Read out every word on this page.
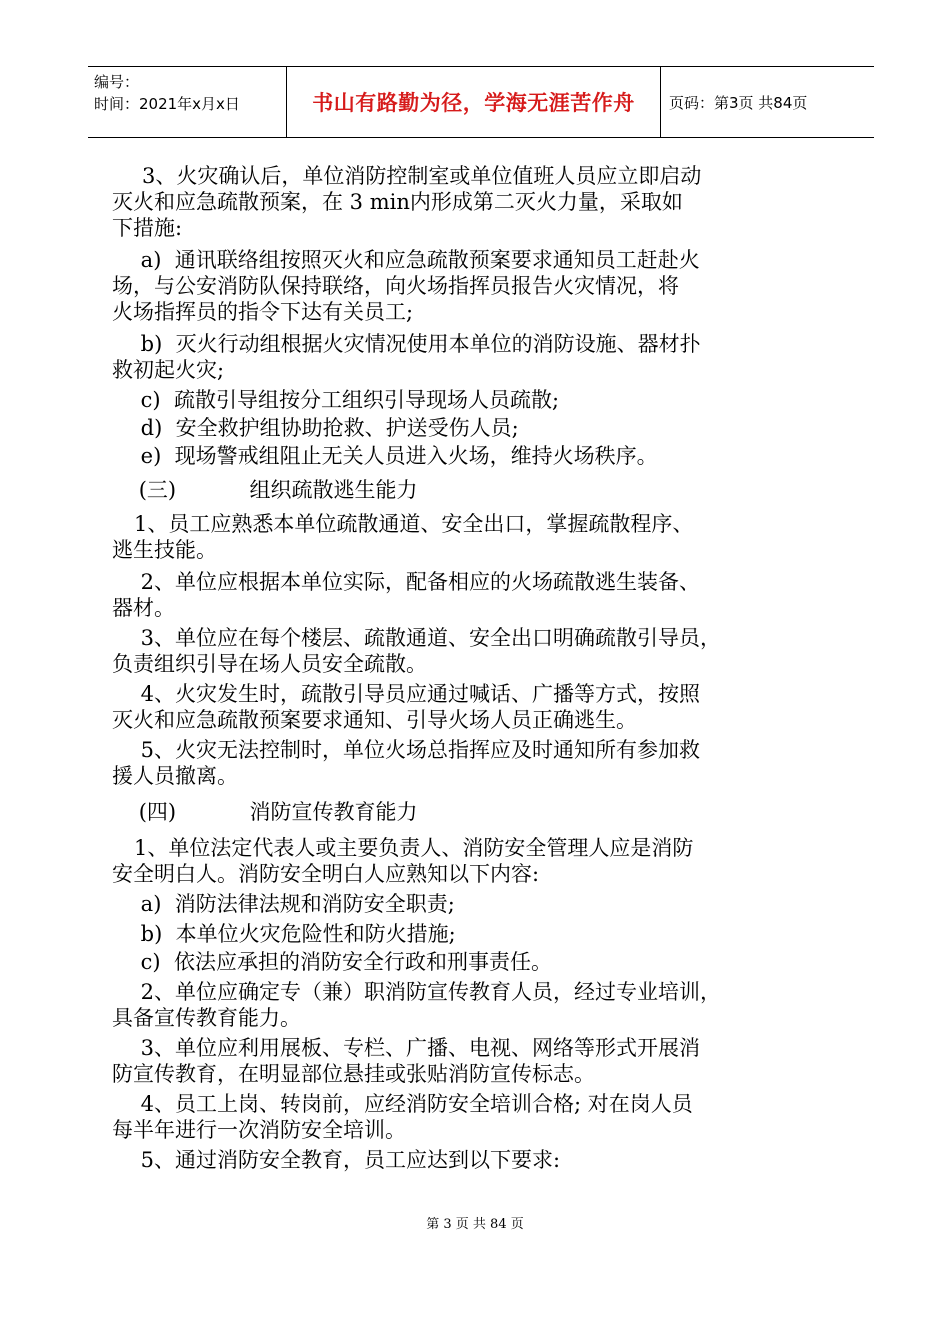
编号：
时间：2021年x月x日	书山有路勤为径，学海无涯苦作舟 页码：第3页 共84页
3、火灾确认后，单位消防控制室或单位值班人员应立即启动
灭火和应急疏散预案，在 3 min内形成第二灭火力量，采取如
下措施:
a)  通讯联络组按照灭火和应急疏散预案要求通知员工赶赴火
场，与公安消防队保持联络，向火场指挥员报告火灾情况，将
火场指挥员的指令下达有关员工;
b)  灭火行动组根据火灾情况使用本单位的消防设施、器材扑
救初起火灾;
c)  疏散引导组按分工组织引导现场人员疏散;
d)  安全救护组协助抢救、护送受伤人员;
e)  现场警戒组阻止无关人员进入火场，维持火场秩序。
(三)           组织疏散逃生能力
1、员工应熟悉本单位疏散通道、安全出口，掌握疏散程序、
逃生技能。
2、单位应根据本单位实际，配备相应的火场疏散逃生装备、
器材。
3、单位应在每个楼层、疏散通道、安全出口明确疏散引导员，
负责组织引导在场人员安全疏散。
4、火灾发生时，疏散引导员应通过喊话、广播等方式，按照
灭火和应急疏散预案要求通知、引导火场人员正确逃生。
5、火灾无法控制时，单位火场总指挥应及时通知所有参加救
援人员撤离。
(四)           消防宣传教育能力
1、单位法定代表人或主要负责人、消防安全管理人应是消防
安全明白人。消防安全明白人应熟知以下内容:
a)  消防法律法规和消防安全职责;
b)  本单位火灾危险性和防火措施;
c)  依法应承担的消防安全行政和刑事责任。
2、单位应确定专（兼）职消防宣传教育人员，经过专业培训，
具备宣传教育能力。
3、单位应利用展板、专栏、广播、电视、网络等形式开展消
防宣传教育，在明显部位悬挂或张贴消防宣传标志。
4、员工上岗、转岗前，应经消防安全培训合格; 对在岗人员
每半年进行一次消防安全培训。
5、通过消防安全教育，员工应达到以下要求:
第 3 页 共 84 页
